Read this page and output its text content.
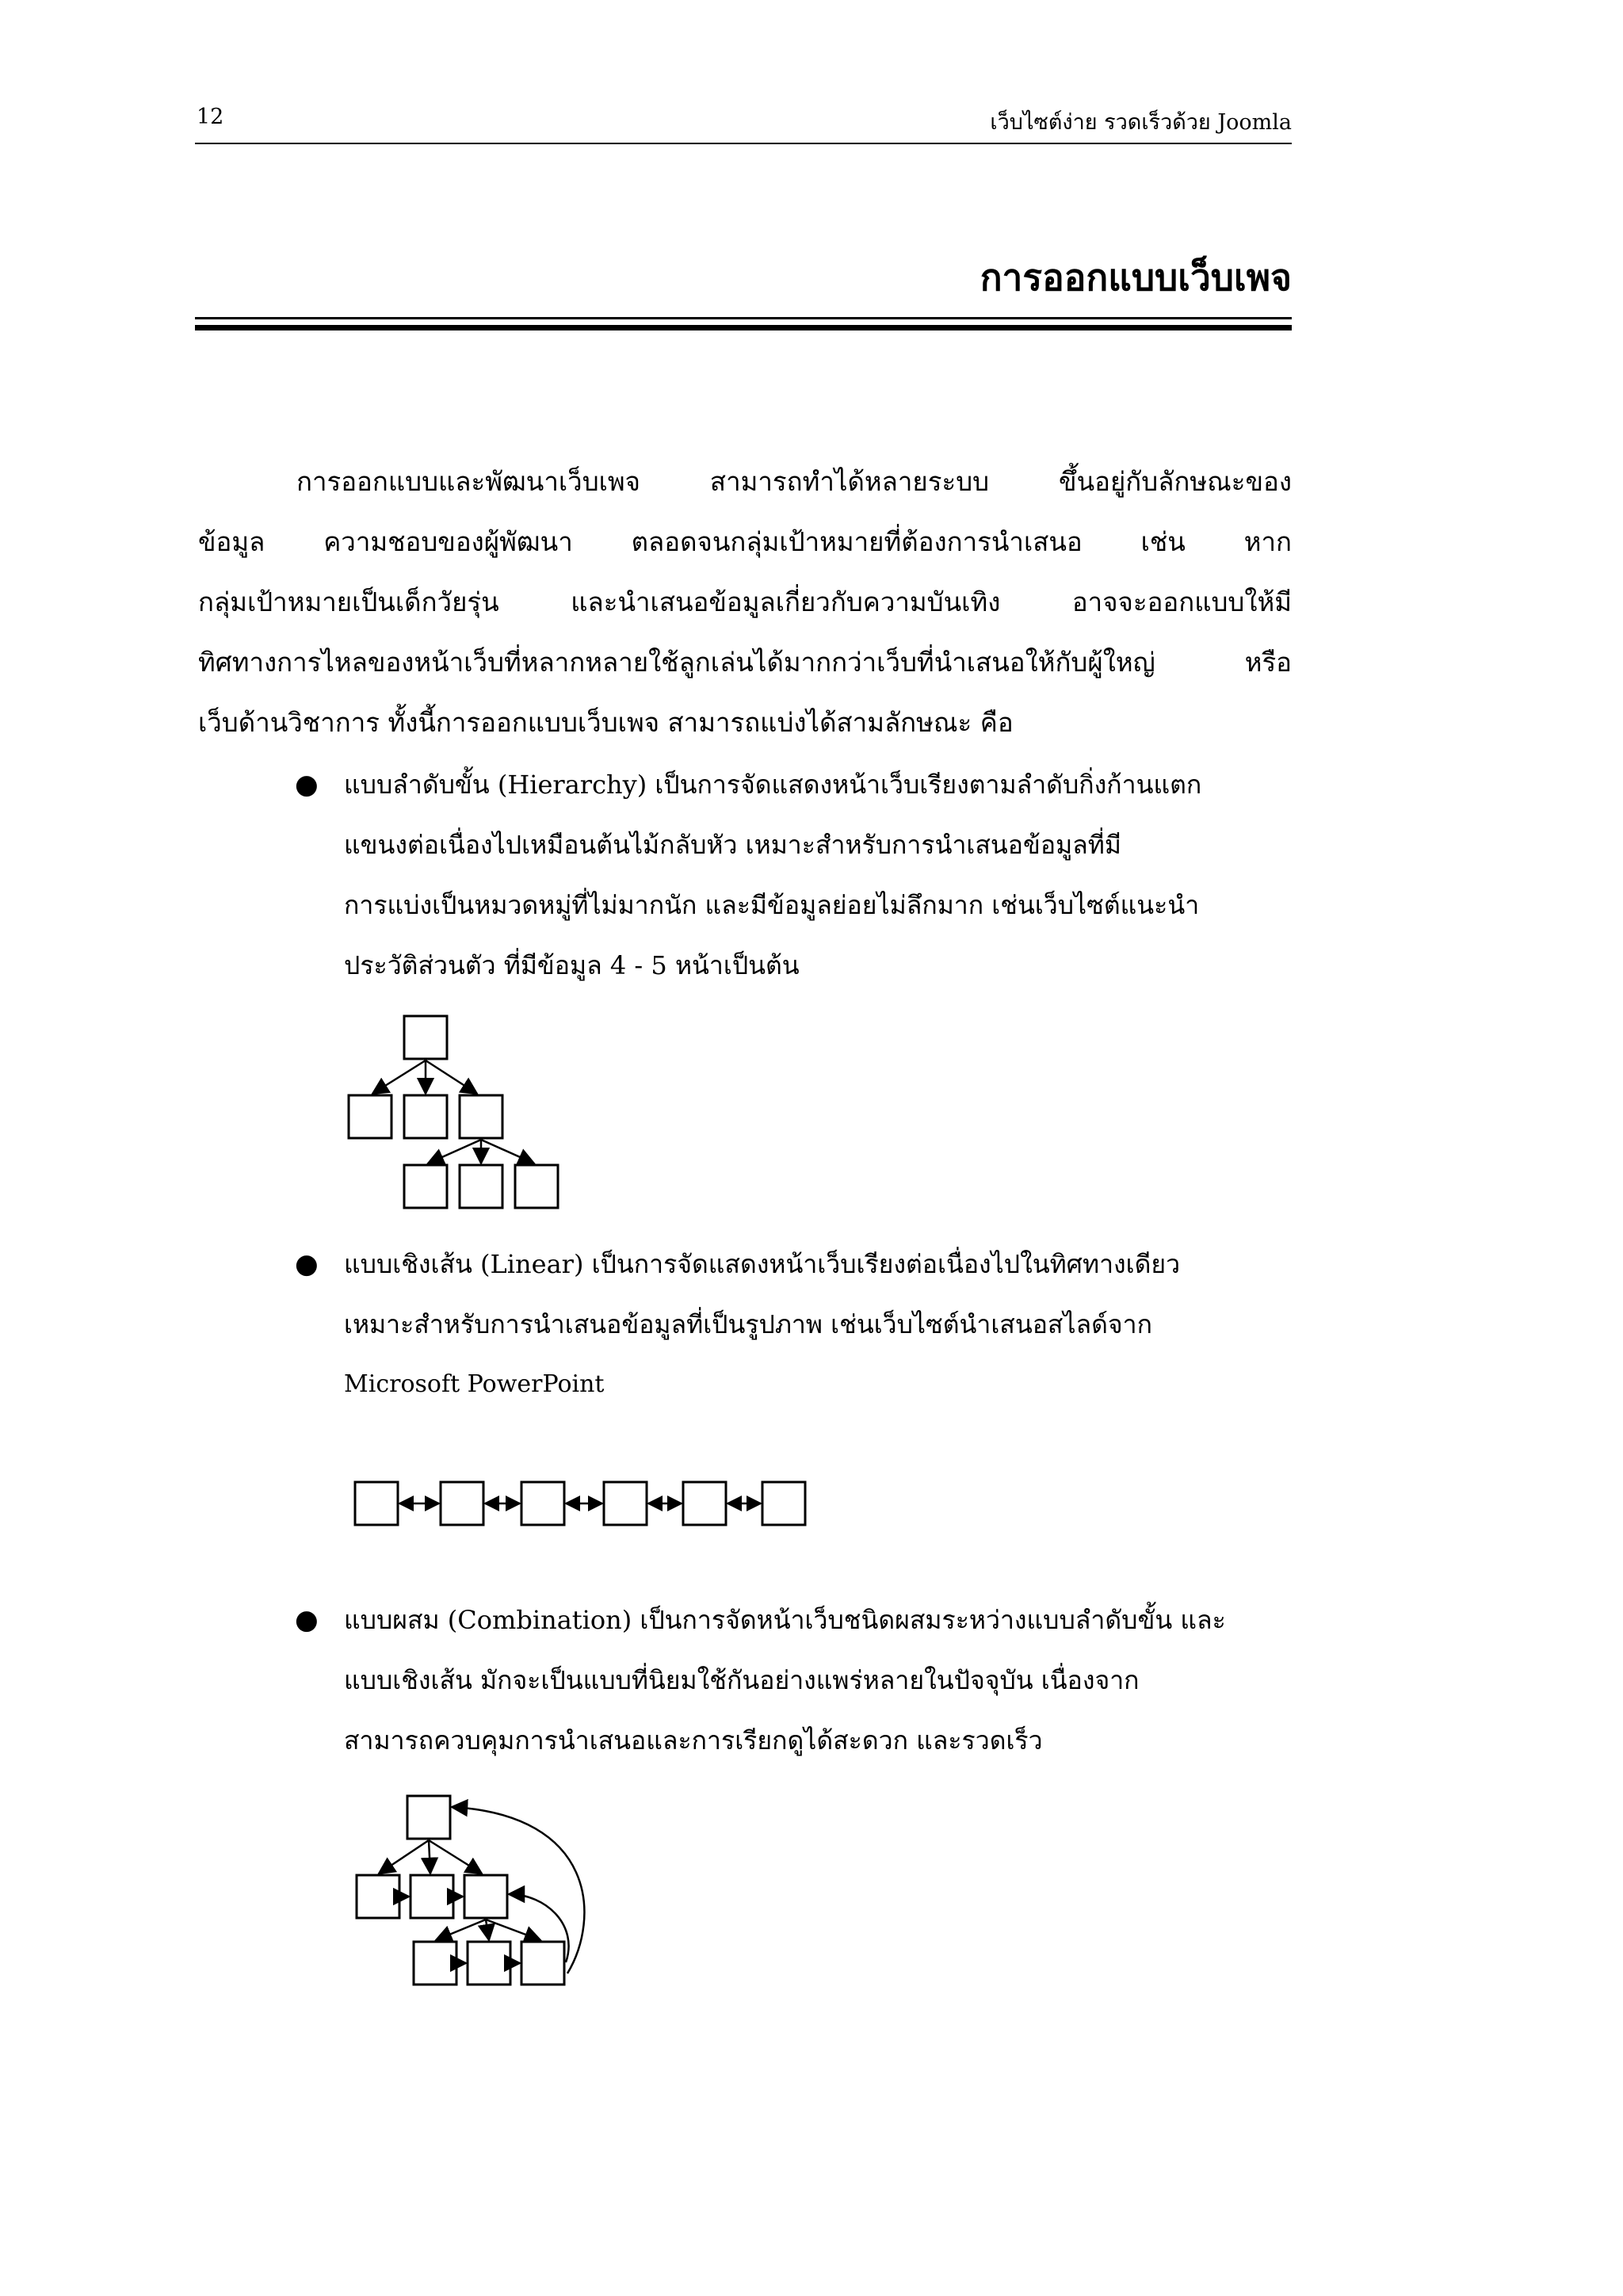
12	เว็บไซต์ง่าย รวดเร็วด้วย Joomla
การออกแบบเว็บเพจ
การออกแบบและพัฒนาเว็บเพจ สามารถทำได้หลายระบบ ขึ้นอยู่กับลักษณะของ
ข้อมูล ความชอบของผู้พัฒนา ตลอดจนกลุ่มเป้าหมายที่ต้องการนำเสนอ เช่น หาก
กลุ่มเป้าหมายเป็นเด็กวัยรุ่น และนำเสนอข้อมูลเกี่ยวกับความบันเทิง อาจจะออกแบบให้มี
ทิศทางการไหลของหน้าเว็บที่หลากหลายใช้ลูกเล่นได้มากกว่าเว็บที่นำเสนอให้กับผู้ใหญ่ หรือ
เว็บด้านวิชาการ ทั้งนี้การออกแบบเว็บเพจ สามารถแบ่งได้สามลักษณะ คือ
● แบบลำดับขั้น (Hierarchy) เป็นการจัดแสดงหน้าเว็บเรียงตามลำดับกิ่งก้านแตก
แขนงต่อเนื่องไปเหมือนต้นไม้กลับหัว เหมาะสำหรับการนำเสนอข้อมูลที่มี
การแบ่งเป็นหมวดหมู่ที่ไม่มากนัก และมีข้อมูลย่อยไม่ลึกมาก เช่นเว็บไซต์แนะนำ
ประวัติส่วนตัว ที่มีข้อมูล 4 - 5 หน้าเป็นต้น
● แบบเชิงเส้น (Linear) เป็นการจัดแสดงหน้าเว็บเรียงต่อเนื่องไปในทิศทางเดียว
เหมาะสำหรับการนำเสนอข้อมูลที่เป็นรูปภาพ เช่นเว็บไซต์นำเสนอสไลด์จาก
Microsoft PowerPoint
● แบบผสม (Combination) เป็นการจัดหน้าเว็บชนิดผสมระหว่างแบบลำดับขั้น และ
แบบเชิงเส้น มักจะเป็นแบบที่นิยมใช้กันอย่างแพร่หลายในปัจจุบัน เนื่องจาก
สามารถควบคุมการนำเสนอและการเรียกดูได้สะดวก และรวดเร็ว
